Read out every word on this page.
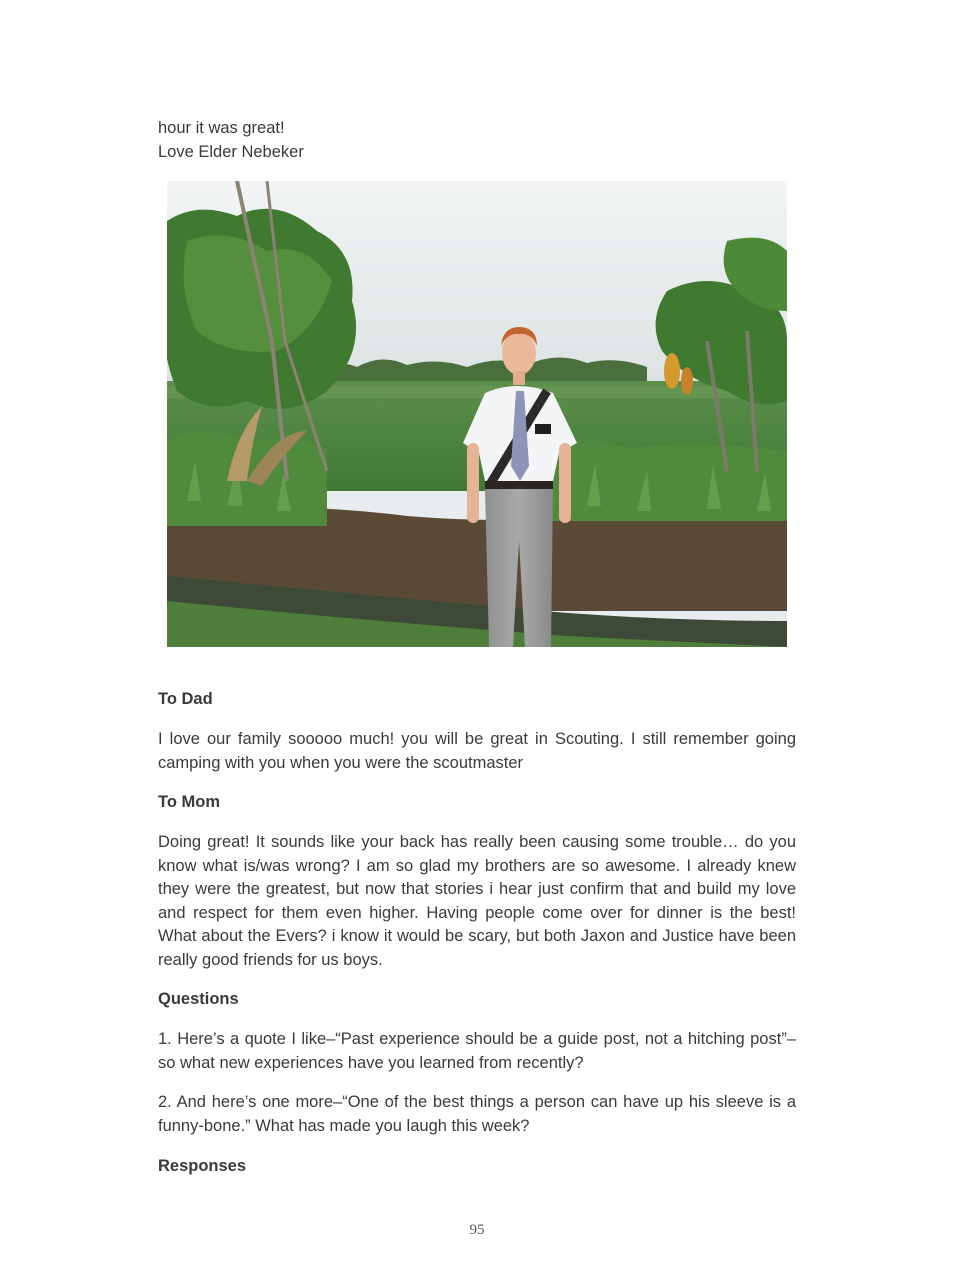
hour it was great!
Love Elder Nebeker
To Dad
I love our family sooooo much! you will be great in Scouting. I still remember going camping with you when you were the scoutmaster
To Mom
Doing great! It sounds like your back has really been causing some trouble… do you know what is/was wrong? I am so glad my brothers are so awesome. I already knew they were the greatest, but now that stories i hear just confirm that and build my love and respect for them even higher. Having people come over for dinner is the best! What about the Evers? i know it would be scary, but both Jaxon and Justice have been really good friends for us boys.
Questions
1. Here’s a quote I like–“Past experience should be a guide post, not a hitching post”–so what new experiences have you learned from recently?
2. And here’s one more–“One of the best things a person can have up his sleeve is a funny-bone.” What has made you laugh this week?
Responses
95
